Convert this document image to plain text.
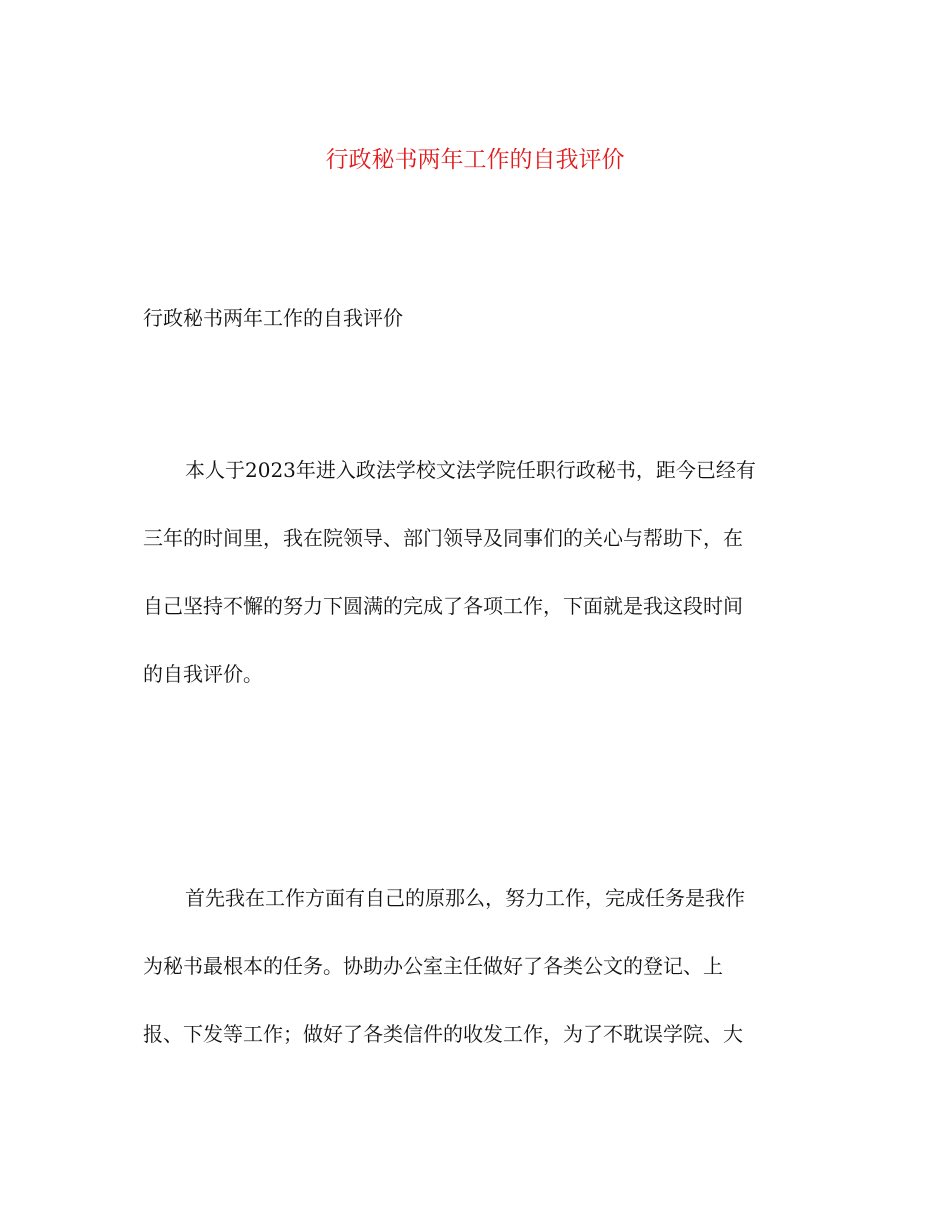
行政秘书两年工作的自我评价

行政秘书两年工作的自我评价

本人于2023年进入政法学校文法学院任职行政秘书，距今已经有
三年的时间里，我在院领导、部门领导及同事们的关心与帮助下，在
自己坚持不懈的努力下圆满的完成了各项工作，下面就是我这段时间
的自我评价。
首先我在工作方面有自己的原那么，努力工作，完成任务是我作
为秘书最根本的任务。协助办公室主任做好了各类公文的登记、上
报、下发等工作；做好了各类信件的收发工作，为了不耽误学院、大
